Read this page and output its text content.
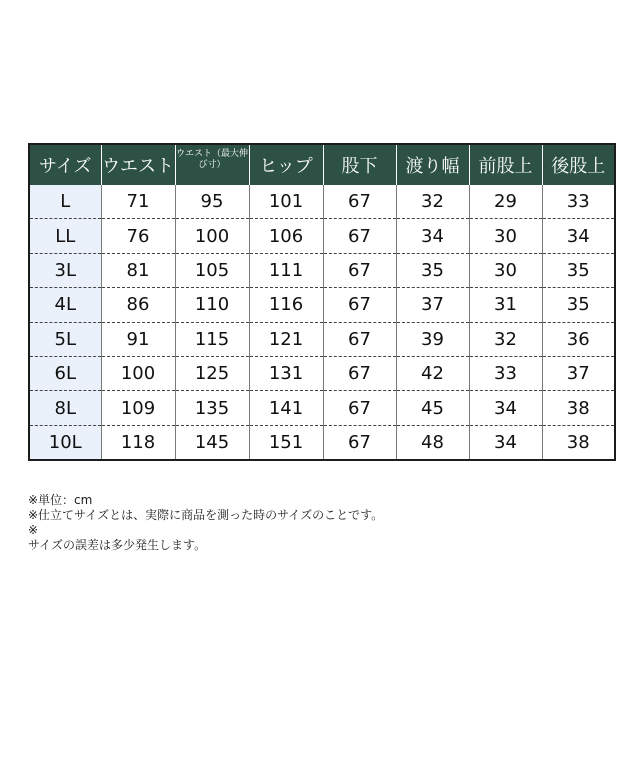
サイズ	ウエスト	ウエスト（最大伸び寸）	ヒップ	股下	渡り幅	前股上	後股上
L	71	95	101	67	32	29	33
LL	76	100	106	67	34	30	34
3L	81	105	111	67	35	30	35
4L	86	110	116	67	37	31	35
5L	91	115	121	67	39	32	36
6L	100	125	131	67	42	33	37
8L	109	135	141	67	45	34	38
10L	118	145	151	67	48	34	38
※単位：cm
※仕立てサイズとは、実際に商品を測った時のサイズのことです。
※
サイズの誤差は多少発生します。
